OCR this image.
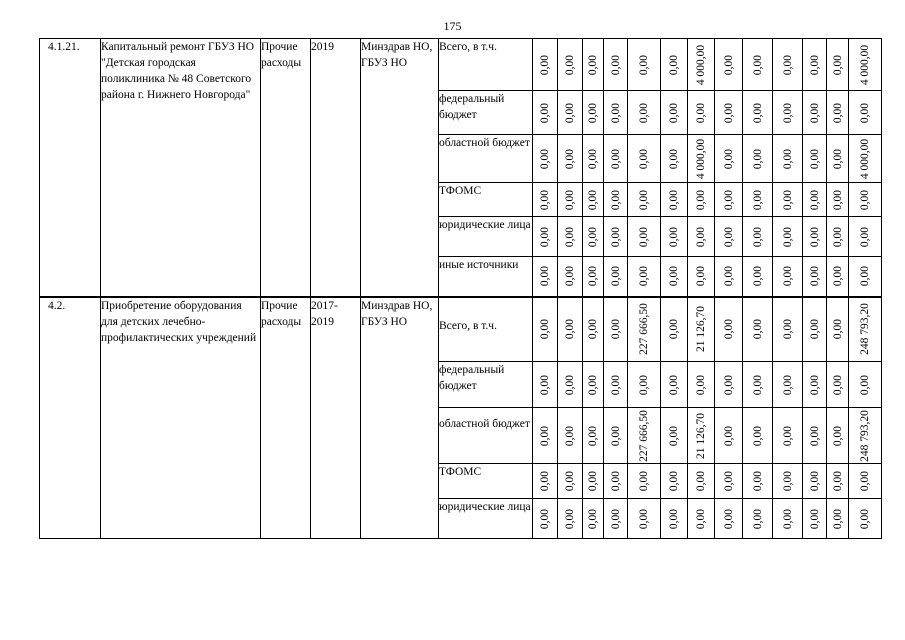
175
4.1.21.	Капитальный ремонт ГБУЗ НО "Детская городская поликлиника № 48 Советского района г. Нижнего Новгорода"	Прочие расходы	2019	Минздрав НО, ГБУЗ НО	Всего, в т.ч.	0,00	0,00	0,00	0,00	0,00	0,00	4 000,00	0,00	0,00	0,00	0,00	0,00	4 000,00

					федеральный бюджет	0,00	0,00	0,00	0,00	0,00	0,00	0,00	0,00	0,00	0,00	0,00	0,00	0,00

					областной бюджет	0,00	0,00	0,00	0,00	0,00	0,00	4 000,00	0,00	0,00	0,00	0,00	0,00	4 000,00

					ТФОМС	0,00	0,00	0,00	0,00	0,00	0,00	0,00	0,00	0,00	0,00	0,00	0,00	0,00

					юридические лица	0,00	0,00	0,00	0,00	0,00	0,00	0,00	0,00	0,00	0,00	0,00	0,00	0,00

					иные источники	0,00	0,00	0,00	0,00	0,00	0,00	0,00	0,00	0,00	0,00	0,00	0,00	0,00

4.2.	Приобретение оборудования для детских лечебно-профилактических учреждений	Прочие расходы	2017-2019	Минздрав НО, ГБУЗ НО	Всего, в т.ч.	0,00	0,00	0,00	0,00	227 666,50	0,00	21 126,70	0,00	0,00	0,00	0,00	0,00	248 793,20

					федеральный бюджет	0,00	0,00	0,00	0,00	0,00	0,00	0,00	0,00	0,00	0,00	0,00	0,00	0,00

					областной бюджет	0,00	0,00	0,00	0,00	227 666,50	0,00	21 126,70	0,00	0,00	0,00	0,00	0,00	248 793,20

					ТФОМС	0,00	0,00	0,00	0,00	0,00	0,00	0,00	0,00	0,00	0,00	0,00	0,00	0,00

					юридические лица	0,00	0,00	0,00	0,00	0,00	0,00	0,00	0,00	0,00	0,00	0,00	0,00	0,00
